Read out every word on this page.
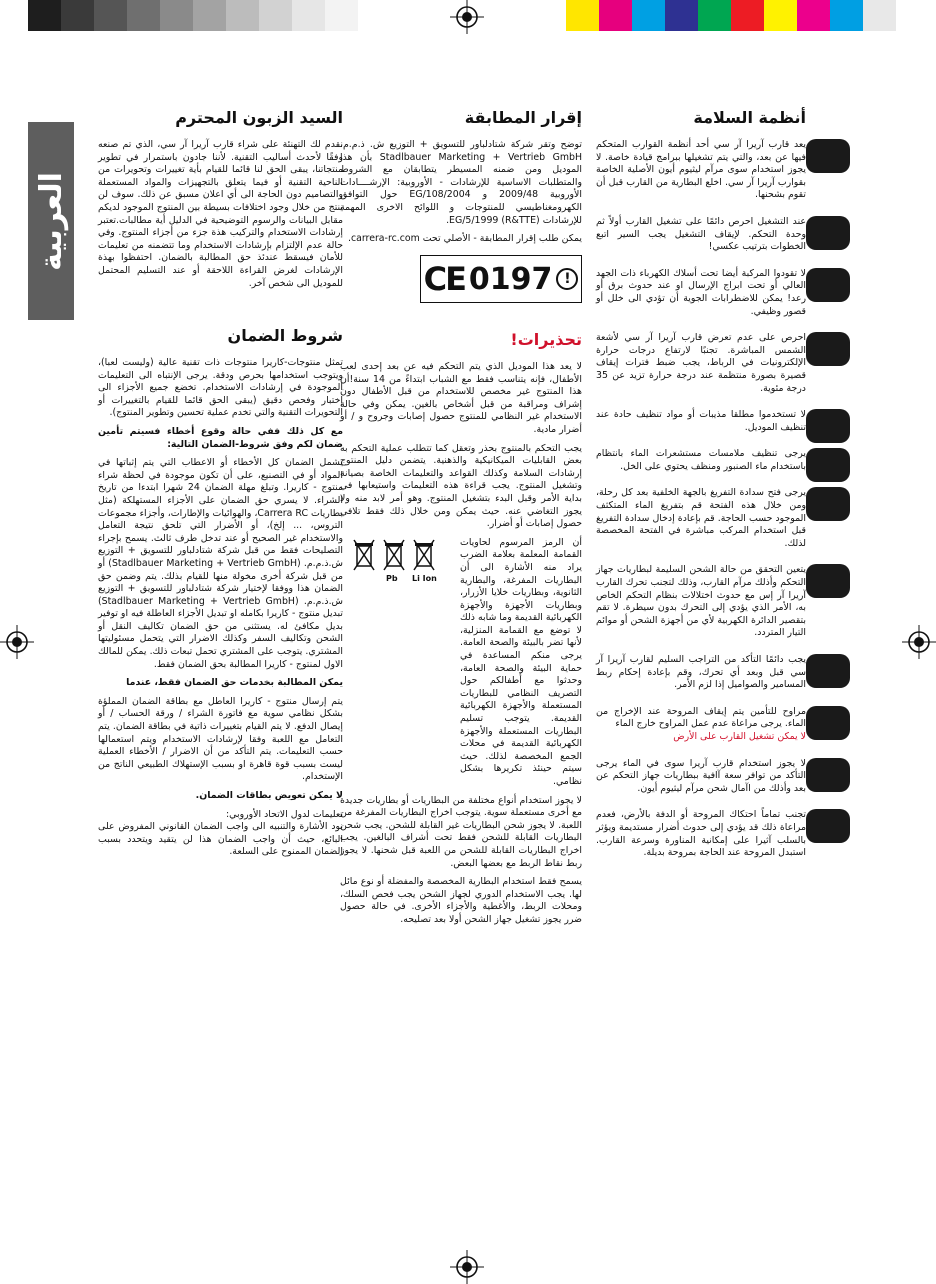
العربية
أنظمة السلامة
يعد قارب آريرا آر سي أحد أنظمة القوارب المتحكم فيها عن بعد، والتي يتم تشغيلها ببرامج قيادة خاصة. لا يجوز استخدام سوى مرآم ليثيوم أيون الأصلية الخاصة بقوارب آريرا آر سي. اخلع البطارية من القارب قبل أن تقوم بشحنها.
عند التشغيل احرص دائمًا على تشغيل القارب أولاً ثم وحدة التحكم. لإيقاف التشغيل يجب السير اتبع الخطوات بترتيب عكسي!
لا تقودوا المركبة أيضا تحت أسلاك الكهرباء ذات الجهد العالي أو تحت ابراج الإرسال او عند حدوث برق أو رعد! يمكن للاضطرابات الجوية أن تؤدي الى خلل أو قصور وظيفي.
احرص على عدم تعرض قارب آريرا آر سي لأشعة الشمس المباشرة. تجنبًا لارتفاع درجات حرارة الإلكترونيات في الرباط، يجب ضبط فترات إيقاف قصيرة بصورة منتظمة عند درجة حرارة تزيد عن 35 درجة مئوية.
لا تستخدموا مطلقا مذيبات أو مواد تنظيف حادة عند تنظيف الموديل.
يرجى تنظيف ملامسات مستشعرات الماء بانتظام باستخدام ماء الصنبور ومنظف يحتوي على الخل.
يرجى فتح سدادة التفريغ بالجهة الخلفية بعد كل رحلة، ومن خلال هذه الفتحة قم بتفريغ الماء المتكثف الموجود حسب الحاجة. قم بإعادة إدخال سدادة التفريغ قبل استخدام المركب مباشرة في الفتحة المخصصة لذلك.
يتعين التحقق من حالة الشحن السليمة لبطاريات جهاز التحكم وأذلك مرآم القارب، وذلك لتجنب تحرك القارب آريرا آر إس مع حدوث اختلالات بنظام التحكم الخاص به، الأمر الذي يؤدي إلى التحرك بدون سيطرة. لا تقم بتقصير الدائرة الكهربية لأي من أجهزة الشحن أو موائم التيار المتردد.
يجب دائمًا التأكد من التراجب السليم لقارب آريرا آر سي قبل وبعد أي تحرك، وقم بإعادة إحكام ربط المسامير والصواميل إذا لزم الأمر.
مراوح للتأمين يتم إيقاف المروحة عند الإخراج من الماء. يرجى مراعاة عدم عمل المراوح خارج الماء
لا يمكن تشغيل القارب على الأرض
لا يجوز استخدام قارب آريرا سوى في الماء يرجى التأكد من توافر سعة آافية ببطاريات جهاز التحكم عن بعد وأذلك من اآمال شحن مرآم ليثيوم أيون.
تجنب تماماً احتكاك المروحة أو الدفة بالأرض، فعدم مراعاة ذلك قد يؤدي إلى حدوث أضرار مستديمة ويؤثر بالسلب آثيرا على إمكانية المناورة وسرعة القارب. استبدل المروحة عند الحاجة بمروحة بديلة.
إقرار المطابقة
توضح وتقر شركة شتادلباور للتسويق + التوزيع ش. ذ.م.م. Stadlbauer Marketing + Vertrieb GmbH بأن هذا الموديل ومن ضمنه المسيطر يتطابقان مع الشروط والمتطلبات الاساسية للإرشادات - الأوروبية: الإرشــــادات الأوروبية 2009/48 و EG/108/2004 حول التوافق الكهرومغناطيسي للمنتوجات و اللوائح الاخرى المهمة للإرشادات EG/5/1999 (R&TTE).
يمكن طلب إقرار المطابقة - الأصلي تحت carrera-rc.com.
CE 0197 !
تحذيرات!
لا يعد هذا الموديل الذي يتم التحكم فيه عن بعد إحدى لعب الأطفال، فإنه يتناسب فقط مع الشباب ابتداءً من 14 سنة!أن هذا المنتوج غير مخصص للاستخدام من قبل الأطفال دون إشراف ومراقبة من قبل أشخاص بالغين. يمكن وفي حالة الاستخدام غير النظامي للمنتوج حصول إصابات وجروح و / أو أضرار مادية.
يجب التحكم بالمنتوج بحذر وتعقل كما تتطلب عملية التحكم به بعض القابليات الميكانيكية والذهنية. يتضمن دليل المنتوج إرشادات السلامة وكذلك القواعد والتعليمات الخاصة بصيانة وتشغيل المنتوج. يجب قراءة هذه التعليمات واستيعابها في بداية الأمر وقبل البدء بتشغيل المنتوج. وهو أمر لابد منه ولا يجوز التغاضي عنه. حيث يمكن ومن خلال ذلك فقط تلافي حصول إصابات أو أضرار.
أن الرمز المرسوم لحاويات القمامة المعلمة بعلامة الضرب يراد منه الأشارة الى أن البطاريات المفرغة، والبطارية الثانوية، وبطاريات خلايا الأزرار، وبطاريات الأجهزة والأجهزة الكهربائية القديمة وما شابه ذلك لا توضع مع القمامة المنزلية، لأنها تضر بالبيئة والصحة العامة. يرجى منكم المساعدة في حماية البيئة والصحة العامة، وحدثوا مع أطفالكم حول التصريف النظامي للبطاريات المستعملة والأجهزة الكهربائية القديمة. يتوجب تسليم البطاريات المستعملة والأجهزة الكهربائية القديمة في محلات الجمع المخصصة لذلك. حيث سيتم حينئذ تكريرها بشكل نظامي.
لا يجوز استخدام أنواع مختلفة من البطاريات أو بطاريات جديدة مع أخرى مستعملة سوية. يتوجب اخراج البطاريات المفرغة من اللعبة. لا يجوز شحن البطاريات غير القابلة للشحن. يجب شحن البطاريات القابلة للشحن فقط تحت أشراف البالغين. يجب اخراج البطاريات القابلة للشحن من اللعبة قبل شحنها. لا يجوز ربط نقاط الربط مع بعضها البعض.
يسمح فقط استخدام البطارية المخصصة والمفضلة أو نوع مائل لها. يجب الاستخدام الدوري لجهاز الشحن يجب فحص السلك، ومحلات الربط، والأغطية والأجزاء الأخرى. في حالة حصول ضرر يجوز تشغيل جهاز الشحن أولا بعد تصليحه.
Pb Li Ion
السيد الزبون المحترم
نقدم لك التهنئة على شراء قارب آريرا آر سي، الذي تم صنعه وفقًا لأحدث أساليب التقنية. لأننا جادون باستمرار في تطوير منتجاتنا، يبقى الحق لنا قائما للقيام بأية تغييرات وتحويرات من الناحية التقنية أو فيما يتعلق بالتجهيزات والمواد المستعملة والتصاميم دون الحاجة الى أي اعلان مسبق عن ذلك. سوف لن ينتج من خلال وجود اختلافات بسيطة بين المنتوج الموجود لديكم مقابل البيانات والرسوم التوضيحية في الدليل أية مطالبات.تعتبر إرشادات الاستخدام والتركيب هذة جزء من أجزاء المنتوج. وفي حالة عدم الإلتزام بإرشادات الاستخدام وما تتضمنه من تعليمات للأمان فيسقط عندئذ حق المطالبة بالضمان. احتفظوا بهذة الإرشادات لغرض القراءة اللاحقة أو عند التسليم المحتمل للموديل الى شخص آخر.
شروط الضمان
تمثل منتوجات-كاريرا منتوجات ذات تقنية عالية (وليست لعبا)، ويتوجب استخدامها بحرص ودقة. يرجى الإنتباه الى التعليمات الموجودة في إرشادات الاستخدام. تخضع جميع الأجزاء الى إختبار وفحص دقيق (يبقى الحق قائما للقيام بالتغييرات أو التحويرات التقنية والتي تخدم عملية تحسين وتطوير المنتوج).
مع كل ذلك ففي حالة وقوع أخطاء فسيتم تأمين ضمان لكم وفق شروط-الضمان التالية:
يشمل الضمان كل الأخطاء أو الاعطاب التي يتم إثباتها في المواد أو في التصنيع، على أن تكون موجودة في لحظة شراء منتوج - كاريرا. وتبلغ مهلة الضمان 24 شهرا ابتدءا من تاريخ الشراء. لا يسري حق الضمان على الأجزاء المستهلكة (مثل بطاريات Carrera RC، والهوائيات والإطارات، وأجزاء مجموعات التروس، ... إلخ)، أو الأضرار التي تلحق نتيجة التعامل والاستخدام غير الصحيح أو عند تدخل طرف ثالث. يسمح بإجراء التصليحات فقط من قبل شركة شتادلباور للتسويق + التوزيع ش.ذ.م.م. (Stadlbauer Marketing + Vertrieb GmbH) أو من قبل شركة أخرى مخولة منها للقيام بذلك. يتم وضمن حق الضمان هذا ووفقا لإختيار شركة شتادلباور للتسويق + التوزيع ش.ذ.م.م. (Stadlbauer Marketing + Vertrieb GmbH) تبديل منتوج - كاريرا بكامله او تبديل الأجزاء العاطلة فيه او توفير بديل مكافئ له. يستثنى من حق الضمان تكاليف النقل أو الشحن وتكاليف السفر وكذلك الاضرار التي يتحمل مسئوليتها المشتري. يتوجب على المشتري تحمل تبعات ذلك. يمكن للمالك الاول لمنتوج - كاريرا المطالبة بحق الضمان فقط.
يمكن المطالبة بخدمات حق الضمان فقط، عندما
يتم إرسال منتوج - كاريرا العاطل مع بطاقة الضمان المملؤة بشكل نظامي سوية مع فاتورة الشراء / ورقة الحساب / أو إيصال الدفع. لا يتم القيام بتغييرات ذاتية في بطاقة الضمان. يتم التعامل مع اللعبة وفقا لإرشادات الاستخدام ويتم استعمالها حسب التعليمات. يتم التأكد من أن الاضرار / الأخطاء العملية ليست بسبب قوة قاهرة او بسبب الإستهلاك الطبيعي الناتج من الإستخدام.
لا يمكن تعويض بطاقات الضمان.
تعليمات لدول الاتحاد الأوروبي:
نود الأشارة والتنبيه الى واجب الضمان القانوني المفروض على البائع، حيث أن واجب الضمان هذا لن يتقيد ويتحدد بسبب الضمان الممنوح على السلعة.
